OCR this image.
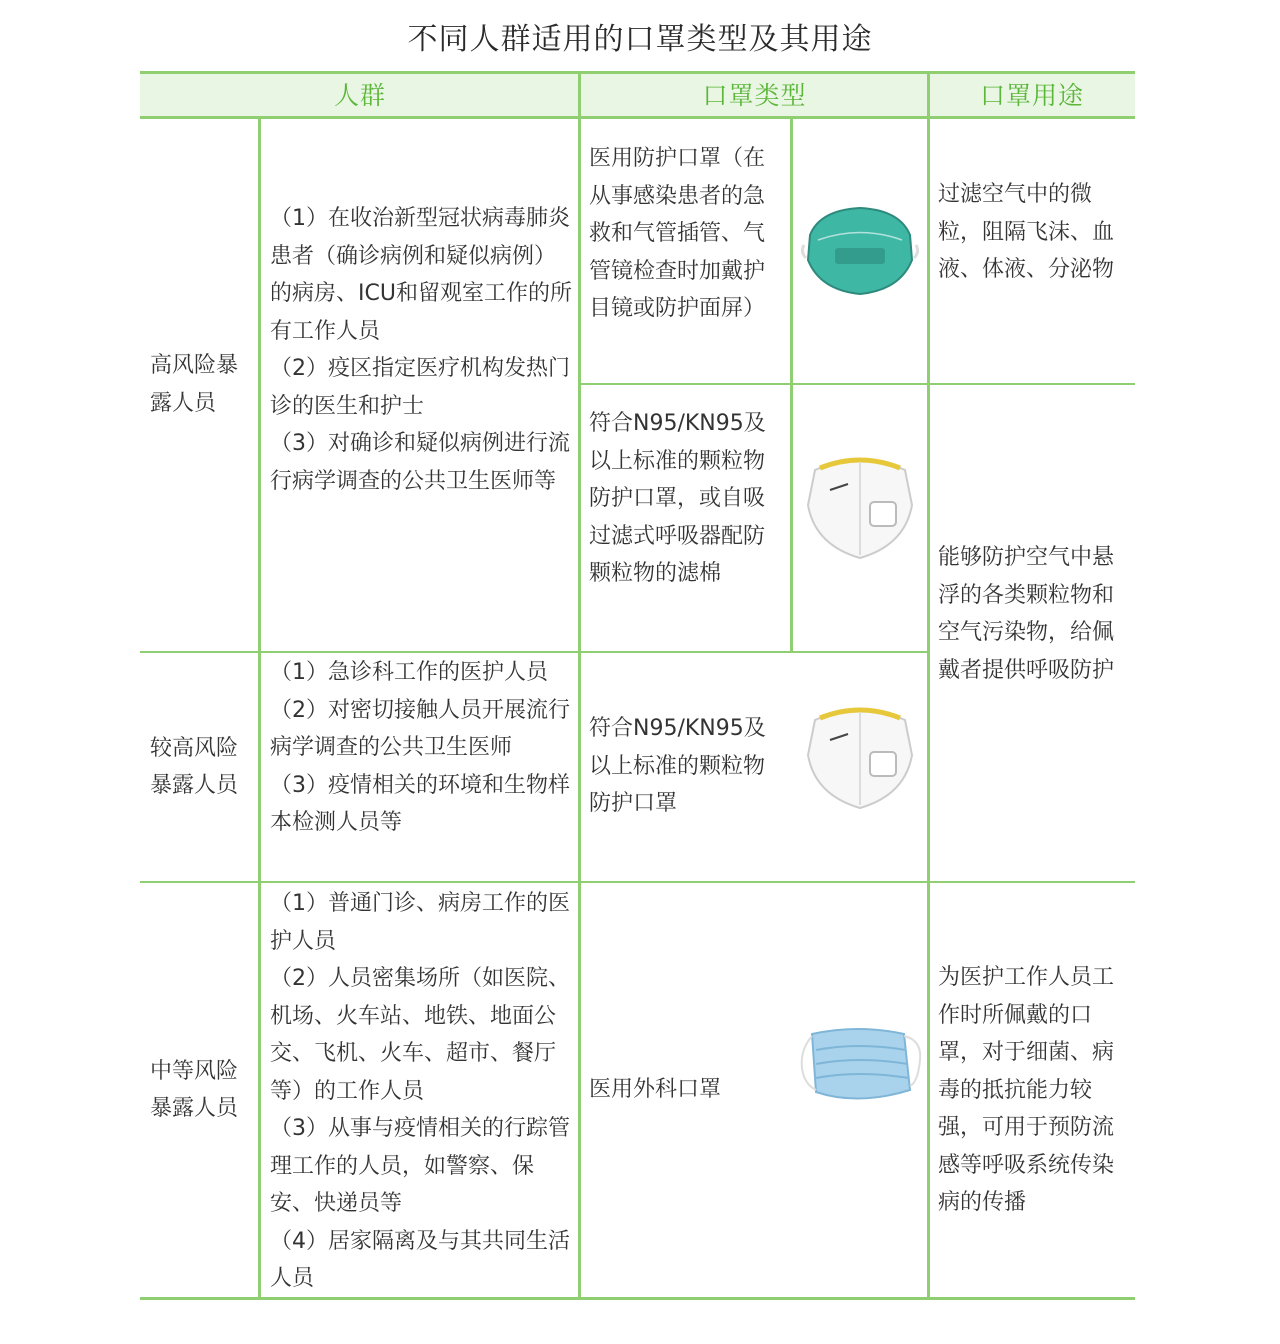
不同人群适用的口罩类型及其用途
人群	口罩类型	口罩用途

高风险暴露人员

（1）在收治新型冠状病毒肺炎患者（确诊病例和疑似病例）的病房、ICU和留观室工作的所有工作人员

（2）疫区指定医疗机构发热门诊的医生和护士

（3）对确诊和疑似病例进行流行病学调查的公共卫生医师等

医用防护口罩（在从事感染患者的急救和气管插管、气管镜检查时加戴护目镜或防护面屏）

过滤空气中的微粒，阻隔飞沫、血液、体液、分泌物

符合N95/KN95及以上标准的颗粒物防护口罩，或自吸过滤式呼吸器配防颗粒物的滤棉

能够防护空气中悬浮的各类颗粒物和空气污染物，给佩戴者提供呼吸防护

较高风险暴露人员

（1）急诊科工作的医护人员

（2）对密切接触人员开展流行病学调查的公共卫生医师

（3）疫情相关的环境和生物样本检测人员等

符合N95/KN95及以上标准的颗粒物防护口罩

中等风险暴露人员

（1）普通门诊、病房工作的医护人员

（2）人员密集场所（如医院、机场、火车站、地铁、地面公交、飞机、火车、超市、餐厅等）的工作人员

（3）从事与疫情相关的行踪管理工作的人员，如警察、保安、快递员等

（4）居家隔离及与其共同生活人员

医用外科口罩

为医护工作人员工作时所佩戴的口罩，对于细菌、病毒的抵抗能力较强，可用于预防流感等呼吸系统传染病的传播
